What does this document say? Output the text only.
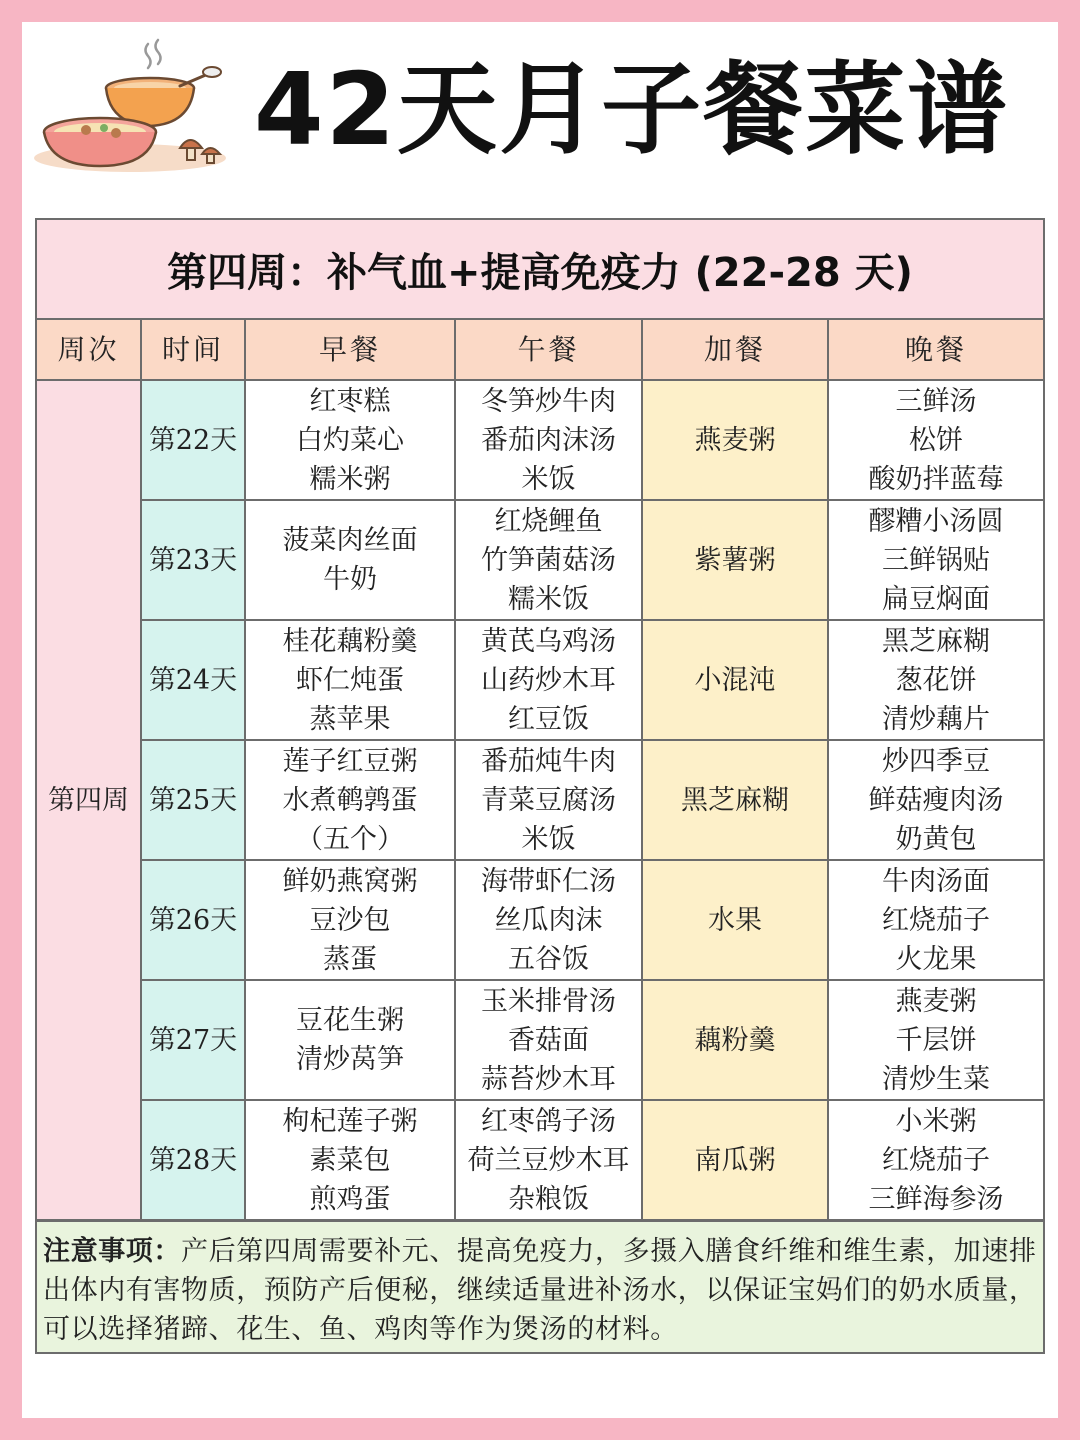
42天月子餐菜谱
第四周：补气血+提高免疫力 (22-28 天)
周次	时间	早餐	午餐	加餐	晚餐
第四周	第22天	红枣糕
白灼菜心
糯米粥	冬笋炒牛肉
番茄肉沫汤
米饭	燕麦粥	三鲜汤
松饼
酸奶拌蓝莓

	第23天	菠菜肉丝面
牛奶	红烧鲤鱼
竹笋菌菇汤
糯米饭	紫薯粥	醪糟小汤圆
三鲜锅贴
扁豆焖面

	第24天	桂花藕粉羹
虾仁炖蛋
蒸苹果	黄芪乌鸡汤
山药炒木耳
红豆饭	小混沌	黑芝麻糊
葱花饼
清炒藕片

	第25天	莲子红豆粥
水煮鹌鹑蛋
（五个）	番茄炖牛肉
青菜豆腐汤
米饭	黑芝麻糊	炒四季豆
鲜菇瘦肉汤
奶黄包

	第26天	鲜奶燕窝粥
豆沙包
蒸蛋	海带虾仁汤
丝瓜肉沫
五谷饭	水果	牛肉汤面
红烧茄子
火龙果

	第27天	豆花生粥
清炒莴笋	玉米排骨汤
香菇面
蒜苔炒木耳	藕粉羹	燕麦粥
千层饼
清炒生菜

	第28天	枸杞莲子粥
素菜包
煎鸡蛋	红枣鸽子汤
荷兰豆炒木耳
杂粮饭	南瓜粥	小米粥
红烧茄子
三鲜海参汤
注意事项：产后第四周需要补元、提高免疫力，多摄入膳食纤维和维生素，加速排出体内有害物质，预防产后便秘，继续适量进补汤水，以保证宝妈们的奶水质量，可以选择猪蹄、花生、鱼、鸡肉等作为煲汤的材料。
